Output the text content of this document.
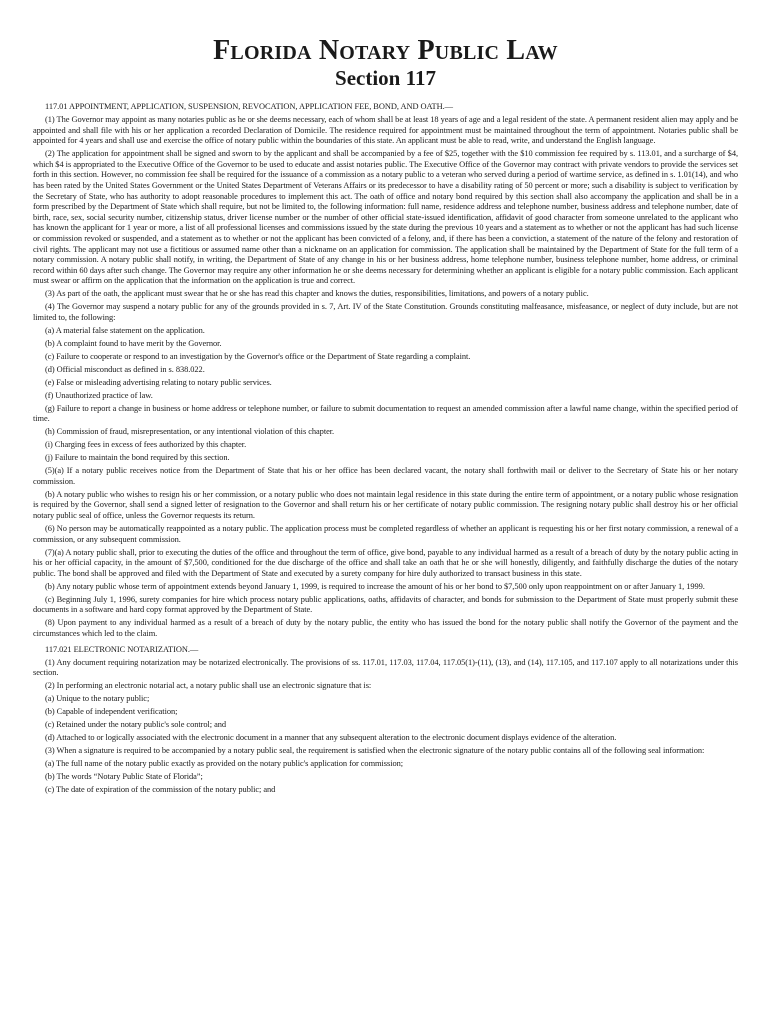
Florida Notary Public Law
Section 117

117.01 APPOINTMENT, APPLICATION, SUSPENSION, REVOCATION, APPLICATION FEE, BOND, AND OATH.—

(1) The Governor may appoint as many notaries public as he or she deems necessary, each of whom shall be at least 18 years of age and a legal resident of the state. A permanent resident alien may apply and be appointed and shall file with his or her application a recorded Declaration of Domicile. The residence required for appointment must be maintained throughout the term of appointment. Notaries public shall be appointed for 4 years and shall use and exercise the office of notary public within the boundaries of this state. An applicant must be able to read, write, and understand the English language.

(2) The application for appointment shall be signed and sworn to by the applicant and shall be accompanied by a fee of $25, together with the $10 commission fee required by s. 113.01, and a surcharge of $4, which $4 is appropriated to the Executive Office of the Governor to be used to educate and assist notaries public. The Executive Office of the Governor may contract with private vendors to provide the services set forth in this section. However, no commission fee shall be required for the issuance of a commission as a notary public to a veteran who served during a period of wartime service, as defined in s. 1.01(14), and who has been rated by the United States Government or the United States Department of Veterans Affairs or its predecessor to have a disability rating of 50 percent or more; such a disability is subject to verification by the Secretary of State, who has authority to adopt reasonable procedures to implement this act. The oath of office and notary bond required by this section shall also accompany the application and shall be in a form prescribed by the Department of State which shall require, but not be limited to, the following information: full name, residence address and telephone number, business address and telephone number, date of birth, race, sex, social security number, citizenship status, driver license number or the number of other official state-issued identification, affidavit of good character from someone unrelated to the applicant who has known the applicant for 1 year or more, a list of all professional licenses and commissions issued by the state during the previous 10 years and a statement as to whether or not the applicant has had such license or commission revoked or suspended, and a statement as to whether or not the applicant has been convicted of a felony, and, if there has been a conviction, a statement of the nature of the felony and restoration of civil rights. The applicant may not use a fictitious or assumed name other than a nickname on an application for commission. The application shall be maintained by the Department of State for the full term of a notary commission. A notary public shall notify, in writing, the Department of State of any change in his or her business address, home telephone number, business telephone number, home address, or criminal record within 60 days after such change. The Governor may require any other information he or she deems necessary for determining whether an applicant is eligible for a notary public commission. Each applicant must swear or affirm on the application that the information on the application is true and correct.

(3) As part of the oath, the applicant must swear that he or she has read this chapter and knows the duties, responsibilities, limitations, and powers of a notary public.

(4) The Governor may suspend a notary public for any of the grounds provided in s. 7, Art. IV of the State Constitution. Grounds constituting malfeasance, misfeasance, or neglect of duty include, but are not limited to, the following:

(a) A material false statement on the application.

(b) A complaint found to have merit by the Governor.

(c) Failure to cooperate or respond to an investigation by the Governor's office or the Department of State regarding a complaint.

(d) Official misconduct as defined in s. 838.022.

(e) False or misleading advertising relating to notary public services.

(f) Unauthorized practice of law.

(g) Failure to report a change in business or home address or telephone number, or failure to submit documentation to request an amended commission after a lawful name change, within the specified period of time.

(h) Commission of fraud, misrepresentation, or any intentional violation of this chapter.

(i) Charging fees in excess of fees authorized by this chapter.

(j) Failure to maintain the bond required by this section.

(5)(a) If a notary public receives notice from the Department of State that his or her office has been declared vacant, the notary shall forthwith mail or deliver to the Secretary of State his or her notary commission.

(b) A notary public who wishes to resign his or her commission, or a notary public who does not maintain legal residence in this state during the entire term of appointment, or a notary public whose resignation is required by the Governor, shall send a signed letter of resignation to the Governor and shall return his or her certificate of notary public commission. The resigning notary public shall destroy his or her official notary public seal of office, unless the Governor requests its return.

(6) No person may be automatically reappointed as a notary public. The application process must be completed regardless of whether an applicant is requesting his or her first notary commission, a renewal of a commission, or any subsequent commission.

(7)(a) A notary public shall, prior to executing the duties of the office and throughout the term of office, give bond, payable to any individual harmed as a result of a breach of duty by the notary public acting in his or her official capacity, in the amount of $7,500, conditioned for the due discharge of the office and shall take an oath that he or she will honestly, diligently, and faithfully discharge the duties of the notary public. The bond shall be approved and filed with the Department of State and executed by a surety company for hire duly authorized to transact business in this state.

(b) Any notary public whose term of appointment extends beyond January 1, 1999, is required to increase the amount of his or her bond to $7,500 only upon reappointment on or after January 1, 1999.

(c) Beginning July 1, 1996, surety companies for hire which process notary public applications, oaths, affidavits of character, and bonds for submission to the Department of State must properly submit these documents in a software and hard copy format approved by the Department of State.

(8) Upon payment to any individual harmed as a result of a breach of duty by the notary public, the entity who has issued the bond for the notary public shall notify the Governor of the payment and the circumstances which led to the claim.

117.021 ELECTRONIC NOTARIZATION.—

(1) Any document requiring notarization may be notarized electronically. The provisions of ss. 117.01, 117.03, 117.04, 117.05(1)-(11), (13), and (14), 117.105, and 117.107 apply to all notarizations under this section.

(2) In performing an electronic notarial act, a notary public shall use an electronic signature that is:

(a) Unique to the notary public;

(b) Capable of independent verification;

(c) Retained under the notary public's sole control; and

(d) Attached to or logically associated with the electronic document in a manner that any subsequent alteration to the electronic document displays evidence of the alteration.

(3) When a signature is required to be accompanied by a notary public seal, the requirement is satisfied when the electronic signature of the notary public contains all of the following seal information:

(a) The full name of the notary public exactly as provided on the notary public's application for commission;

(b) The words “Notary Public State of Florida”;

(c) The date of expiration of the commission of the notary public; and
